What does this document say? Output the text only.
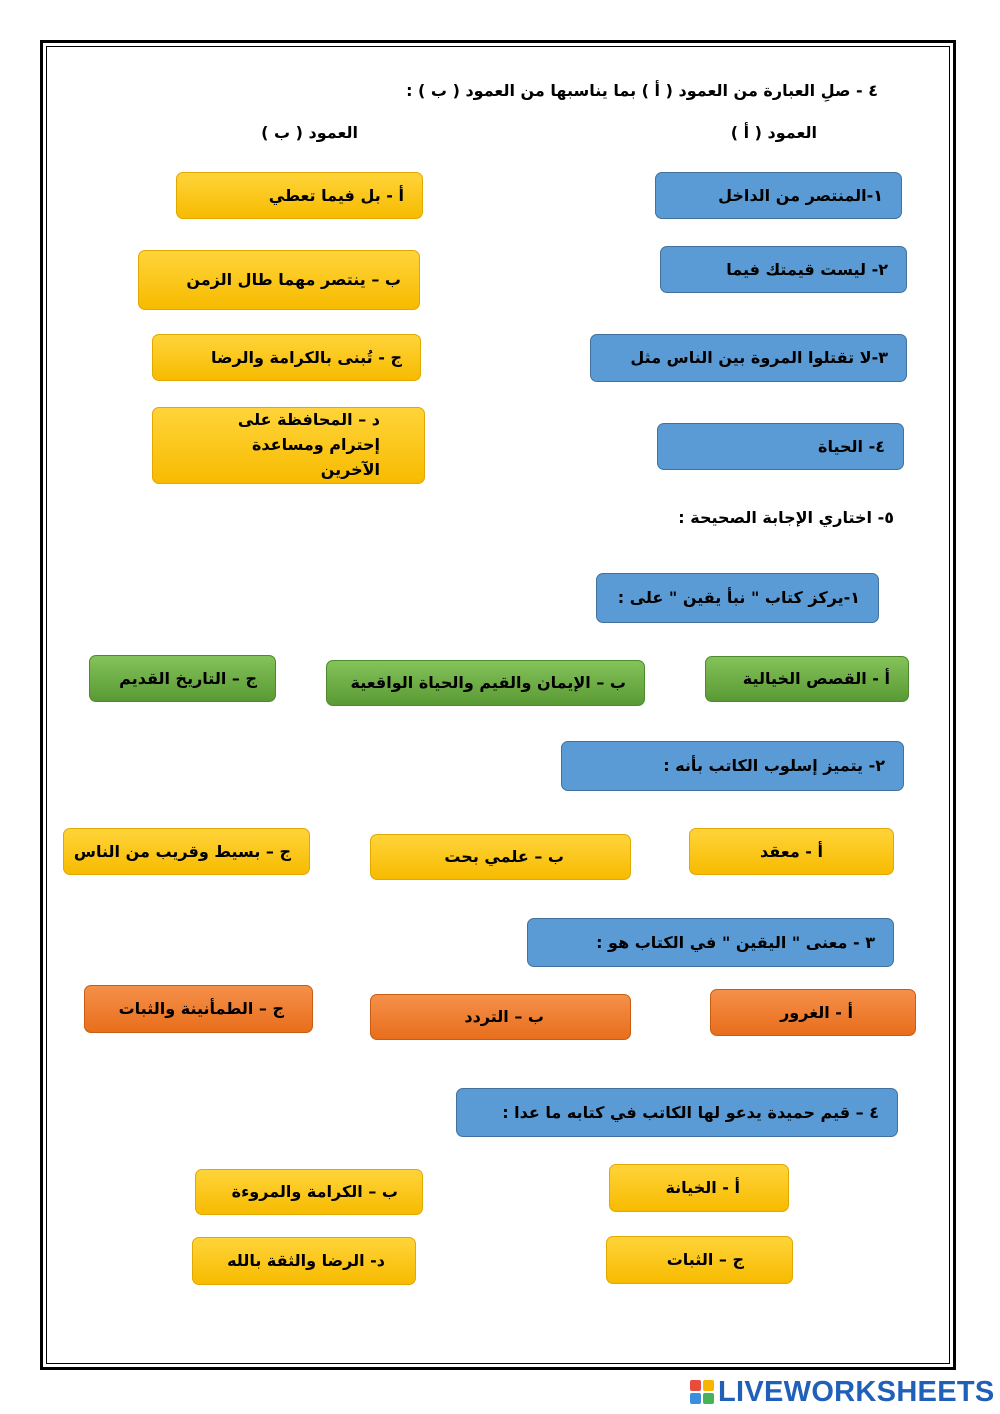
٤ - صلِ العبارة من العمود ( أ ) بما يناسبها من العمود ( ب ) :
العمود ( أ )
العمود ( ب )
١-المنتصر من الداخل
٢- ليست قيمتك فيما
٣-لا تقتلوا المروة بين الناس مثل
٤- الحياة
أ - بل فيما تعطي
ب – ينتصر مهما طال الزمن
ج - تُبنى بالكرامة والرضا
د – المحافظة على إحترام ومساعدة الآخرين
٥- اختاري الإجابة الصحيحة :
١-يركز كتاب " نبأ يقين " على :
أ - القصص الخيالية
ب – الإيمان والقيم والحياة الواقعية
ج – التاريخ القديم
٢- يتميز إسلوب الكاتب بأنه :
أ - معقد
ب – علمي بحت
ج – بسيط وقريب من الناس
٣ - معنى " اليقين " في الكتاب هو :
أ - الغرور
ب – التردد
ج – الطمأنينة والثبات
٤ – قيم حميدة يدعو لها الكاتب في كتابه ما عدا :
أ - الخيانة
ب – الكرامة والمروءة
ج – الثبات
د- الرضا والثقة بالله
LIVEWORKSHEETS
